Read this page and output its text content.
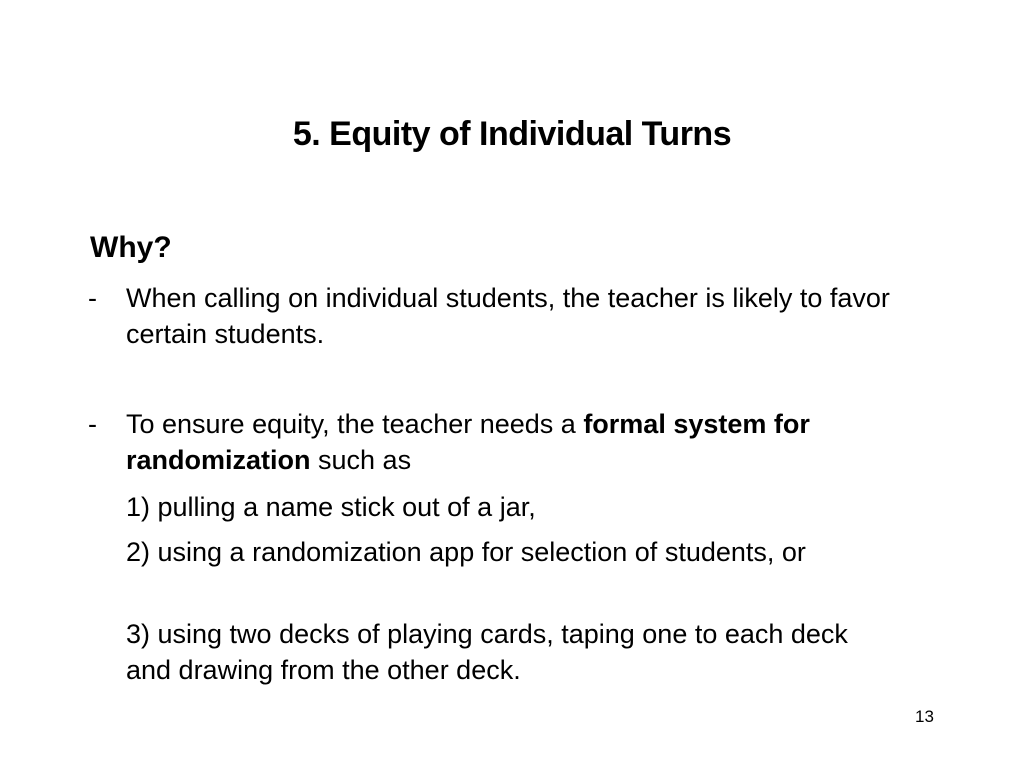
5. Equity of Individual Turns
Why?
- When calling on individual students, the teacher is likely to favor certain students.
- To ensure equity, the teacher needs a formal system for randomization such as
1) pulling a name stick out of a jar,
2) using a randomization app for selection of students, or
3) using two decks of playing cards, taping one to each deck and drawing from the other deck.
13
